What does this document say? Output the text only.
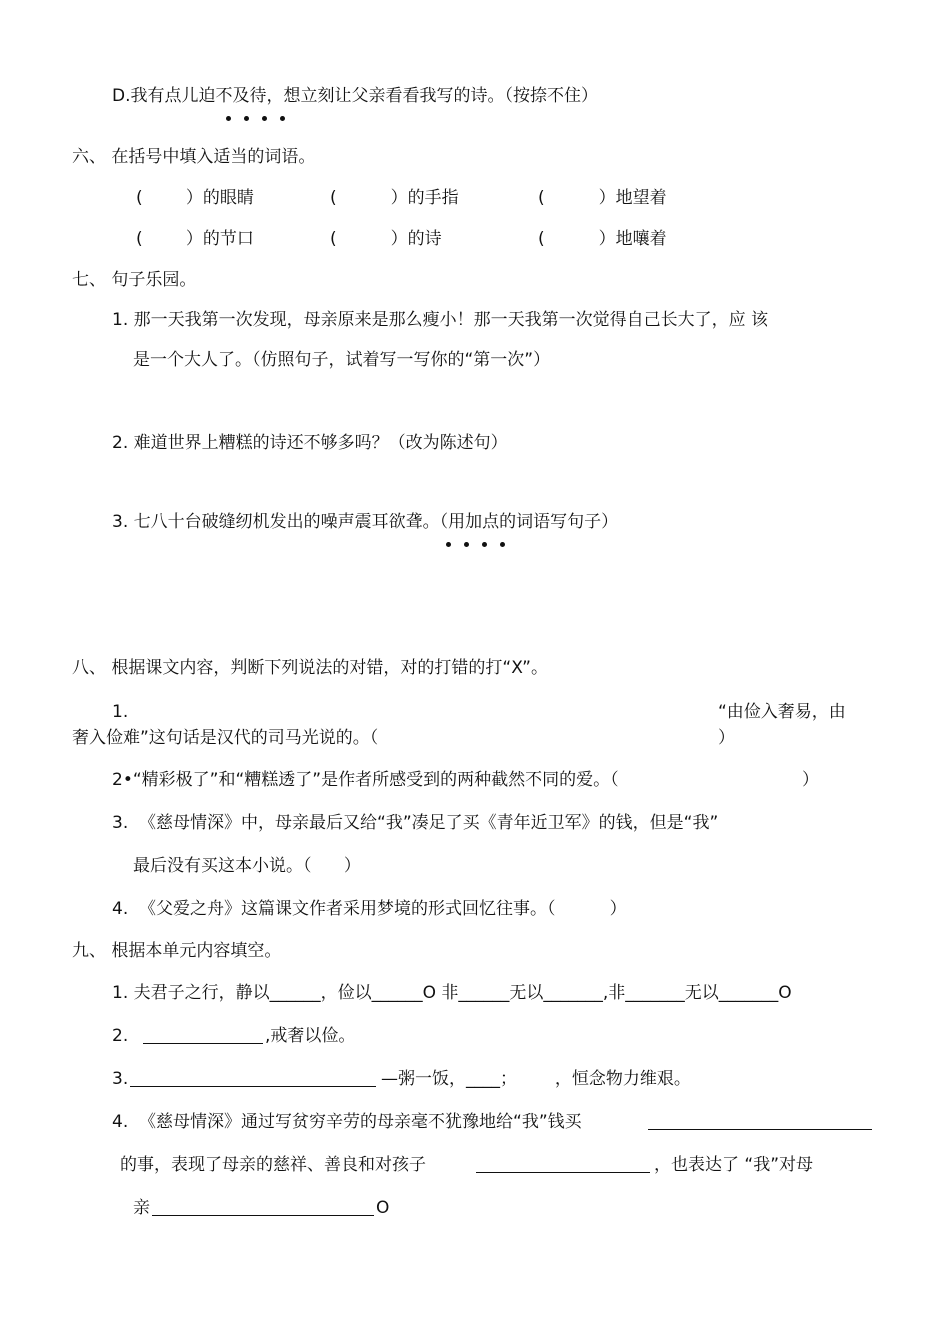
D.我有点儿迫不及待，想立刻让父亲看看我写的诗。（按捺不住）
六、 在括号中填入适当的词语。
(        ）的眼睛	(          ）的手指	(          ）地望着
(        ）的节口	(          ）的诗	(          ）地嚷着
七、 句子乐园。
1. 那一天我第一次发现，母亲原来是那么瘦小！那一天我第一次觉得自己长大了，应 该
是一个大人了。（仿照句子，试着写一写你的“第一次”）
2. 难道世界上糟糕的诗还不够多吗？（改为陈述句）
3. 七八十台破缝纫机发出的噪声震耳欲聋。（用加点的词语写句子）
八、 根据课文内容，判断下列说法的对错，对的打错的打“X”。
1.	“由俭入奢易，由
奢入俭难”这句话是汉代的司马光说的。（	）
2•“精彩极了”和“糟糕透了”是作者所感受到的两种截然不同的爱。（	）
3.  《慈母情深》中，母亲最后又给“我”凑足了买《青年近卫军》的钱，但是“我”
最后没有买这本小说。（      ）
4.  《父爱之舟》这篇课文作者采用梦境的形式回忆往事。（          ）
九、 根据本单元内容填空。
1. 夫君子之行，静以______，俭以______O 非______无以_______,非_______无以_______O
2.	,戒奢以俭。
3.	—粥一饭，____；       ，恒念物力维艰。
4.  《慈母情深》通过写贫穷辛劳的母亲毫不犹豫地给“我”钱买
的事，表现了母亲的慈祥、善良和对孩子	，也表达了 “我”对母
亲	O
